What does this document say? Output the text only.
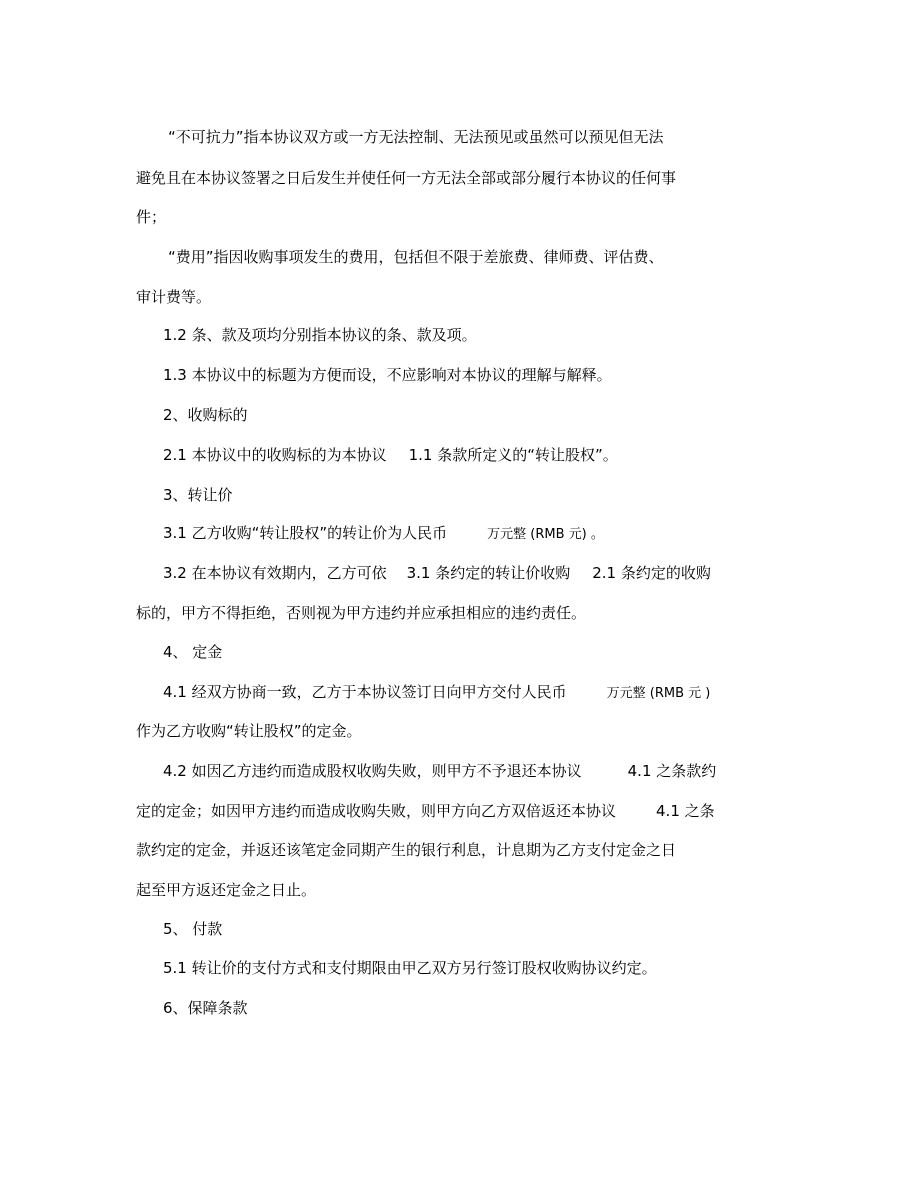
“不可抗力”指本协议双方或一方无法控制、无法预见或虽然可以预见但无法
避免且在本协议签署之日后发生并使任何一方无法全部或部分履行本协议的任何事
件；
“费用”指因收购事项发生的费用，包括但不限于差旅费、律师费、评估费、
审计费等。
1.2 条、款及项均分别指本协议的条、款及项。
1.3 本协议中的标题为方便而设，不应影响对本协议的理解与解释。
2、收购标的
2.1 本协议中的收购标的为本协议 1.1 条款所定义的“转让股权”。
3、转让价
3.1 乙方收购“转让股权”的转让价为人民币	万元整 (RMB 元) 。
3.2 在本协议有效期内，乙方可依 3.1 条约定的转让价收购 2.1 条约定的收购
标的，甲方不得拒绝，否则视为甲方违约并应承担相应的违约责任。
4、 定金
4.1 经双方协商一致，乙方于本协议签订日向甲方交付人民币	万元整 (RMB 元 )
作为乙方收购“转让股权”的定金。
4.2 如因乙方违约而造成股权收购失败，则甲方不予退还本协议	4.1 之条款约
定的定金；如因甲方违约而造成收购失败，则甲方向乙方双倍返还本协议	4.1 之条
款约定的定金，并返还该笔定金同期产生的银行利息，计息期为乙方支付定金之日
起至甲方返还定金之日止。
5、 付款
5.1 转让价的支付方式和支付期限由甲乙双方另行签订股权收购协议约定。
6、保障条款
